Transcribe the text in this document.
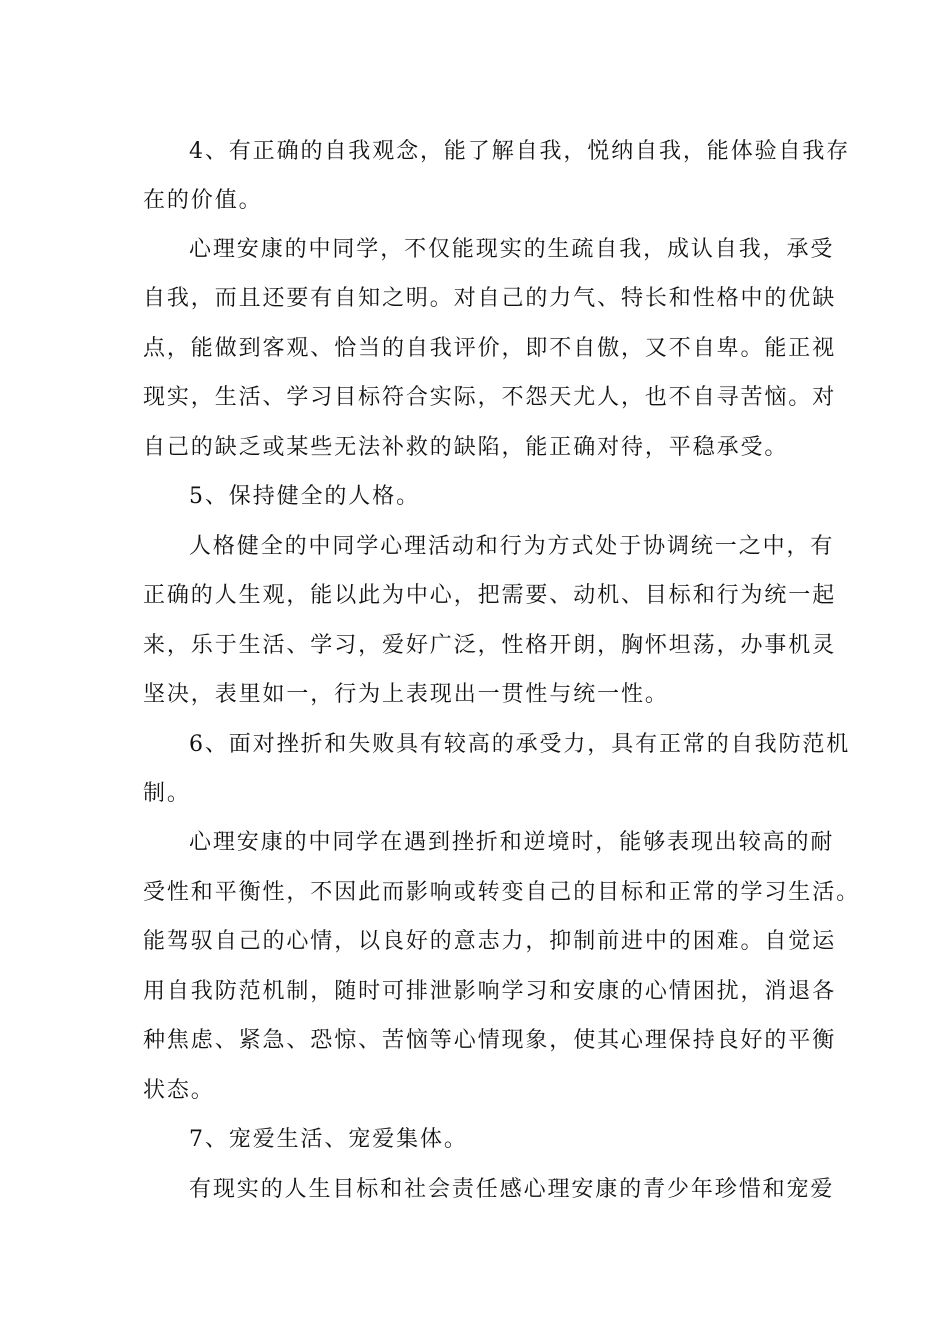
4、有正确的自我观念，能了解自我，悦纳自我，能体验自我存
在的价值。
心理安康的中同学，不仅能现实的生疏自我，成认自我，承受
自我，而且还要有自知之明。对自己的力气、特长和性格中的优缺
点，能做到客观、恰当的自我评价，即不自傲，又不自卑。能正视
现实，生活、学习目标符合实际，不怨天尤人，也不自寻苦恼。对
自己的缺乏或某些无法补救的缺陷，能正确对待，平稳承受。
5、保持健全的人格。
人格健全的中同学心理活动和行为方式处于协调统一之中，有
正确的人生观，能以此为中心，把需要、动机、目标和行为统一起
来，乐于生活、学习，爱好广泛，性格开朗，胸怀坦荡，办事机灵
坚决，表里如一，行为上表现出一贯性与统一性。
6、面对挫折和失败具有较高的承受力，具有正常的自我防范机
制。
心理安康的中同学在遇到挫折和逆境时，能够表现出较高的耐
受性和平衡性，不因此而影响或转变自己的目标和正常的学习生活。
能驾驭自己的心情，以良好的意志力，抑制前进中的困难。自觉运
用自我防范机制，随时可排泄影响学习和安康的心情困扰，消退各
种焦虑、紧急、恐惊、苦恼等心情现象，使其心理保持良好的平衡
状态。
7、宠爱生活、宠爱集体。
有现实的人生目标和社会责任感心理安康的青少年珍惜和宠爱
